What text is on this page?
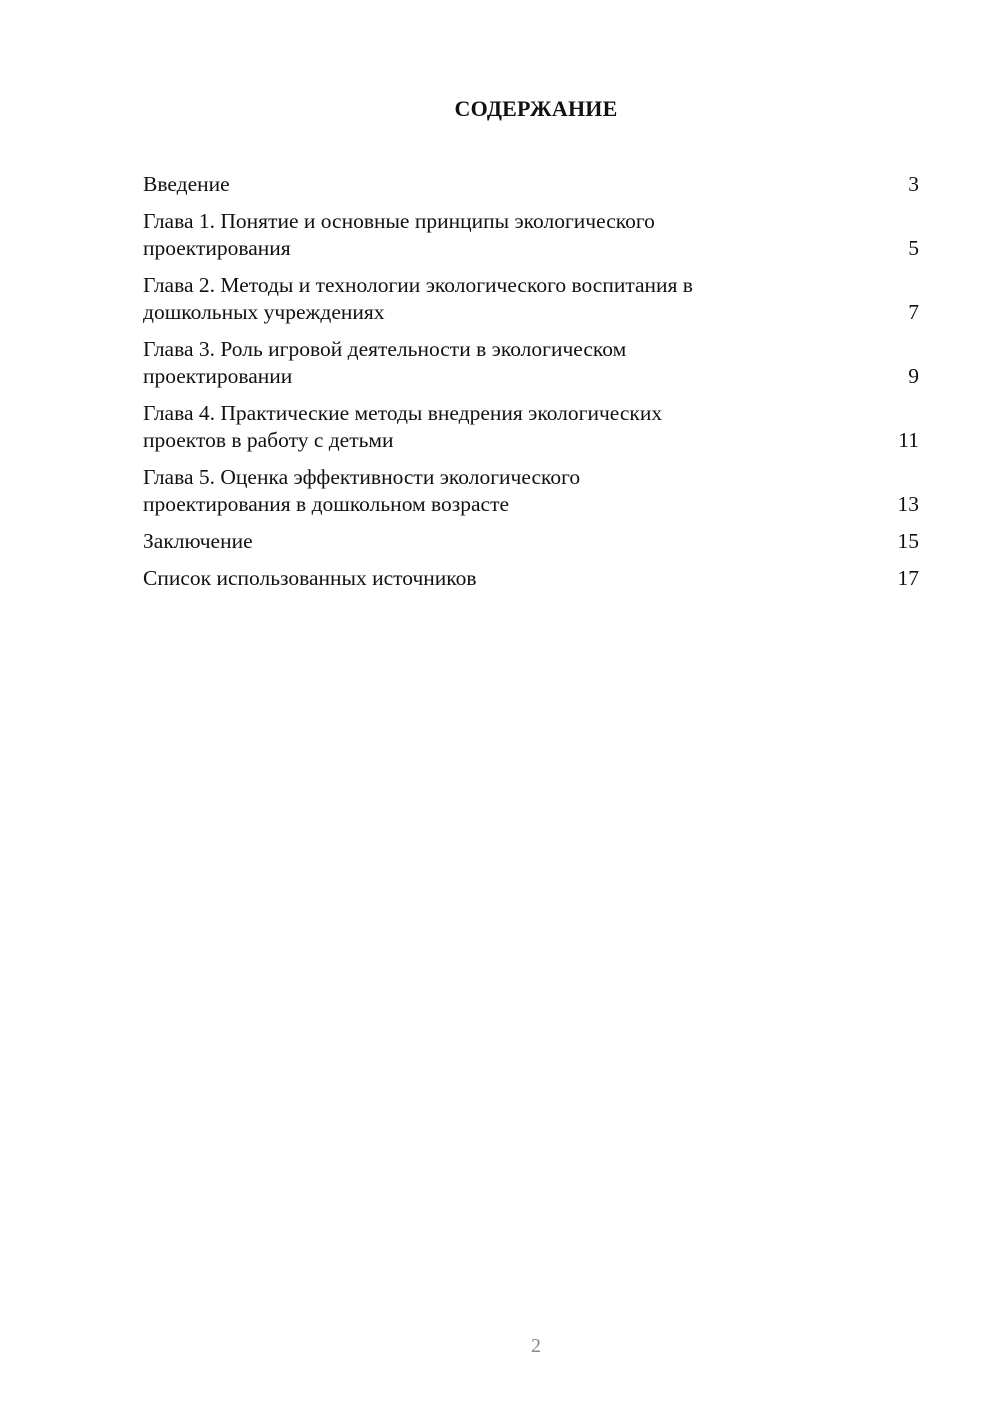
СОДЕРЖАНИЕ
Введение	3
Глава 1. Понятие и основные принципы экологического
проектирования	5
Глава 2. Методы и технологии экологического воспитания в
дошкольных учреждениях	7
Глава 3. Роль игровой деятельности в экологическом
проектировании	9
Глава 4. Практические методы внедрения экологических
проектов в работу с детьми	11
Глава 5. Оценка эффективности экологического
проектирования в дошкольном возрасте	13
Заключение	15
Список использованных источников	17
2
